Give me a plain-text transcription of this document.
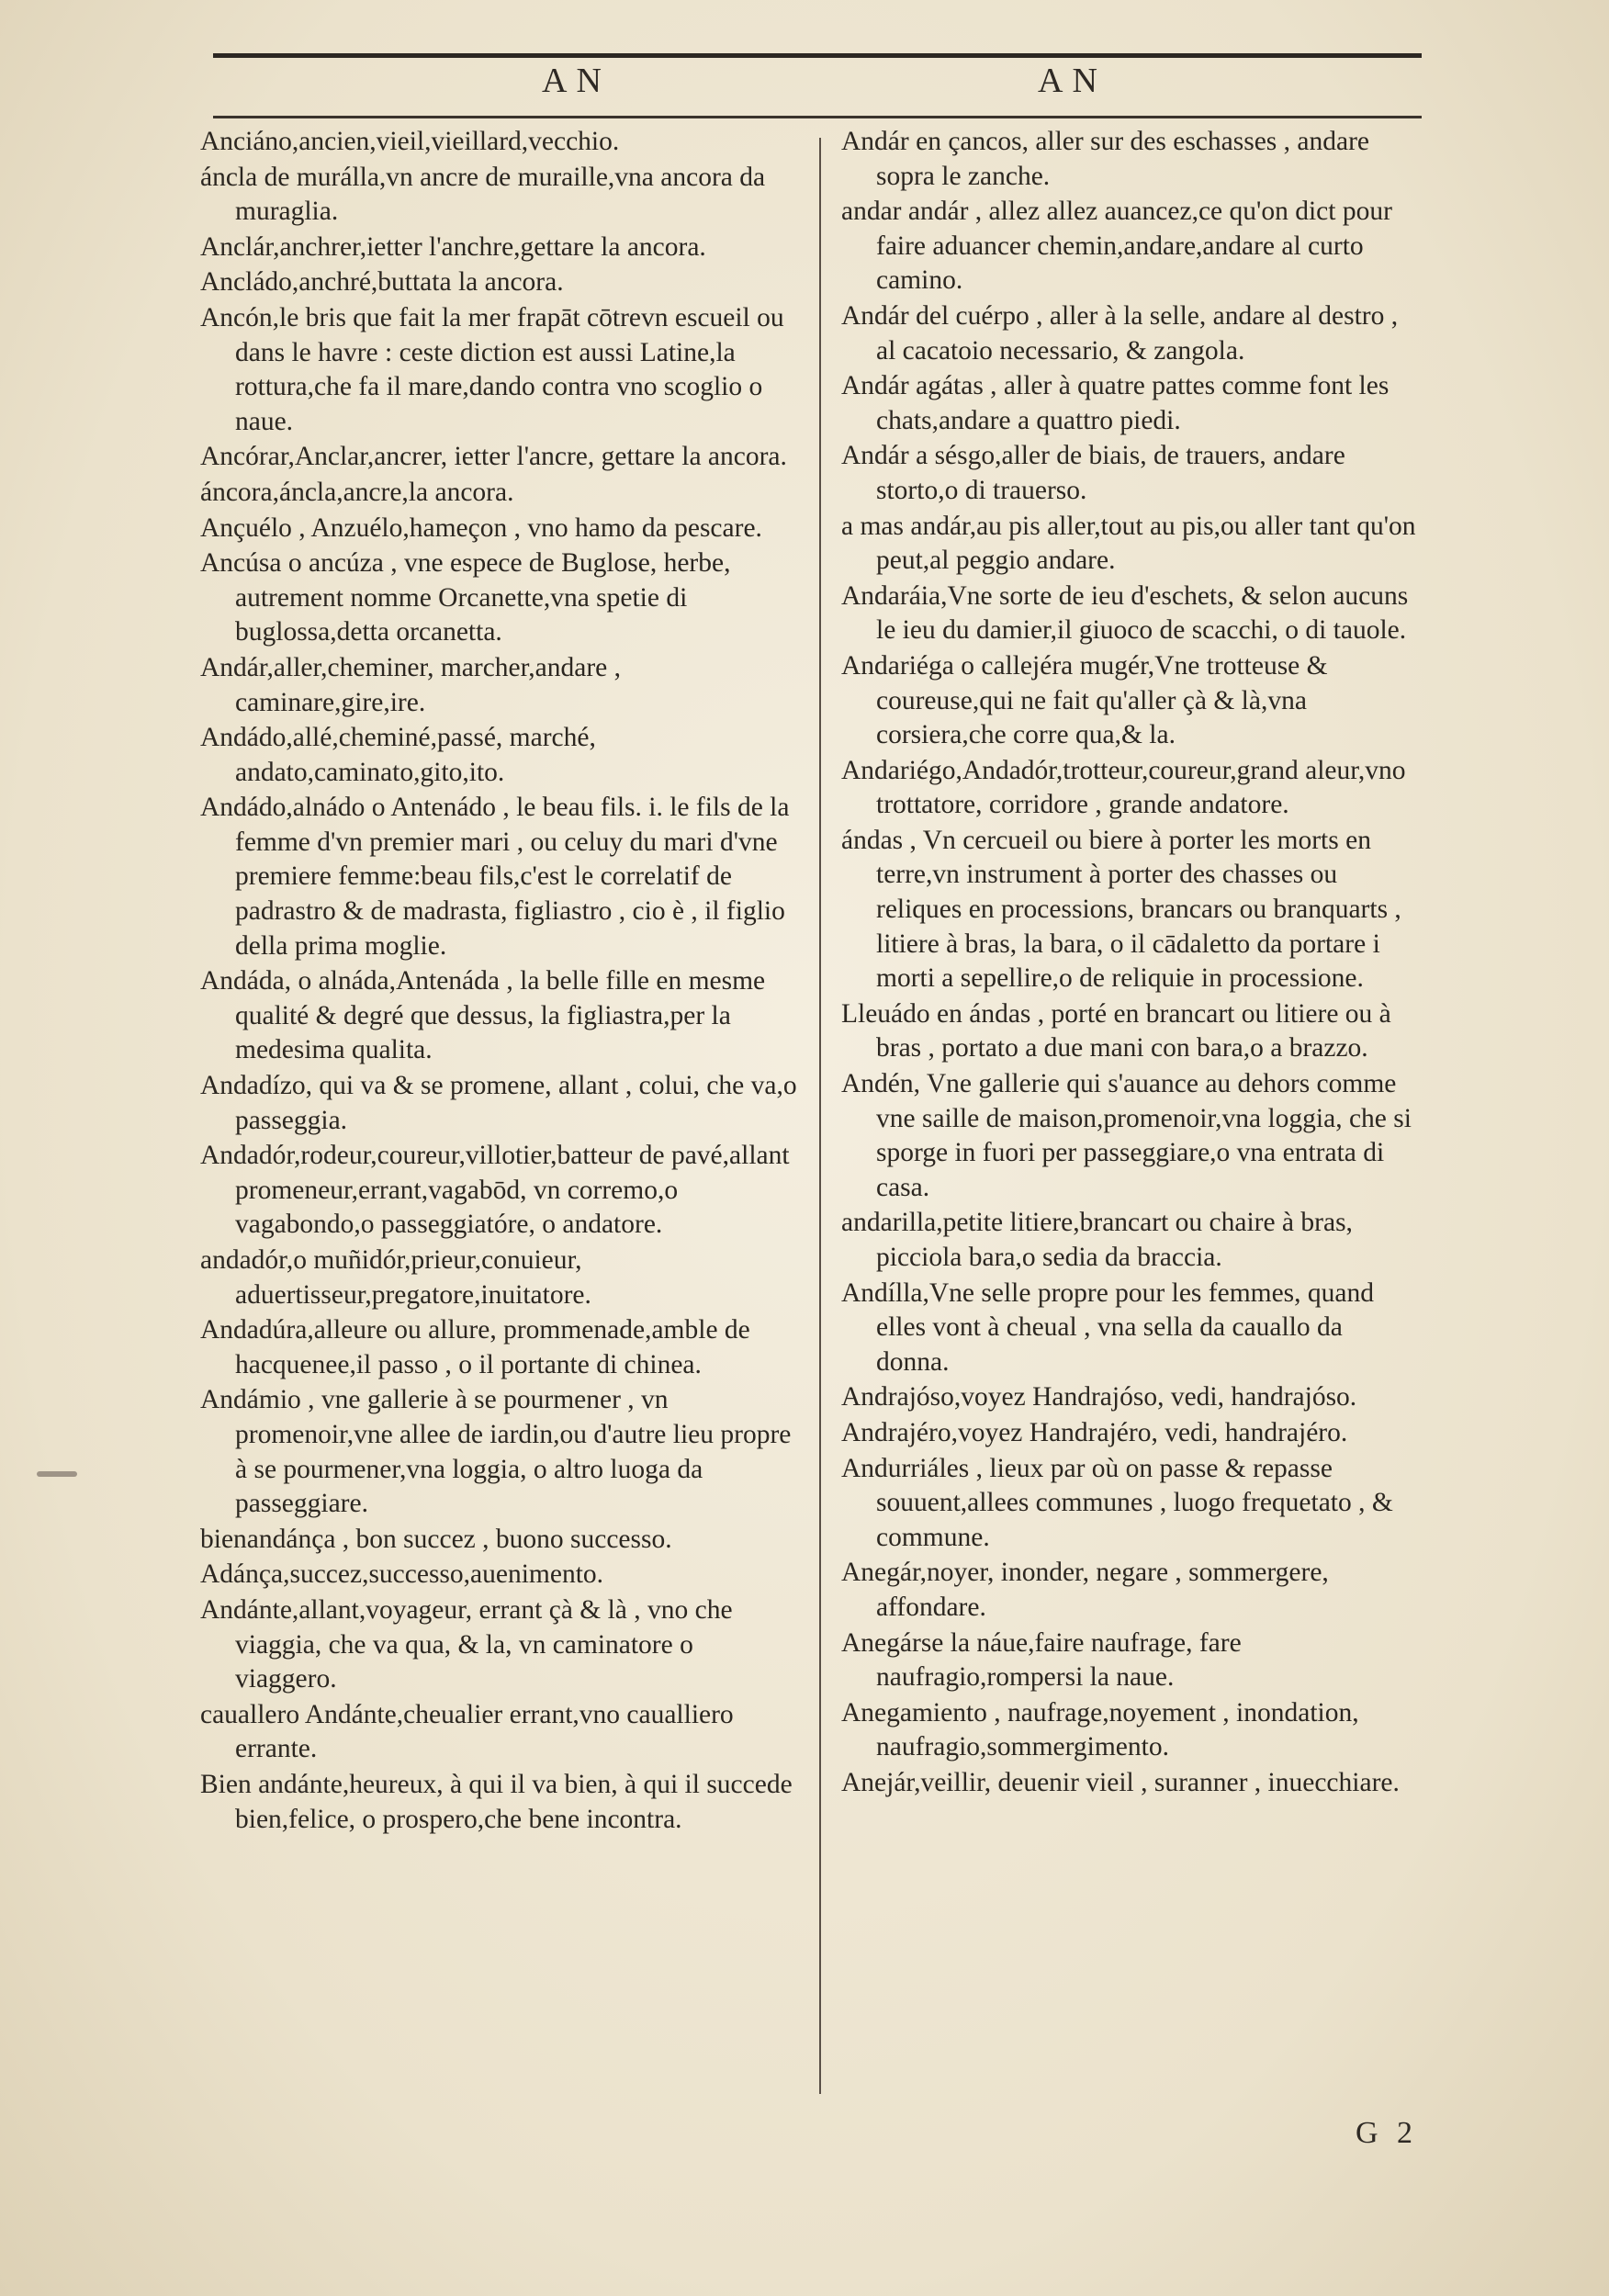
AN	AN

Anciáno,ancien,vieil,vieillard,vecchio.

áncla de murálla,vn ancre de muraille,vna ancora da muraglia.

Anclár,anchrer,ietter l'anchre,gettare la ancora.

Ancládo,anchré,buttata la ancora.

Ancón,le bris que fait la mer frapāt cōtrevn escueil ou dans le havre : ceste diction est aussi Latine,la rottura,che fa il mare,dando contra vno scoglio o naue.

Ancórar,Anclar,ancrer, ietter l'ancre, gettare la ancora.

áncora,áncla,ancre,la ancora.

Ançuélo , Anzuélo,hameçon , vno hamo da pescare.

Ancúsa o ancúza , vne espece de Buglose, herbe, autrement nomme Orcanette,vna spetie di buglossa,detta orcanetta.

Andár,aller,cheminer, marcher,andare , caminare,gire,ire.

Andádo,allé,cheminé,passé, marché, andato,caminato,gito,ito.

Andádo,alnádo o Antenádo , le beau fils. i. le fils de la femme d'vn premier mari , ou celuy du mari d'vne premiere femme:beau fils,c'est le correlatif de padrastro & de madrasta, figliastro , cio è , il figlio della prima moglie.

Andáda, o alnáda,Antenáda , la belle fille en mesme qualité & degré que dessus, la figliastra,per la medesima qualita.

Andadízo, qui va & se promene, allant , colui, che va,o passeggia.

Andadór,rodeur,coureur,villotier,batteur de pavé,allant promeneur,errant,vagabōd, vn corremo,o vagabondo,o passeggiatóre, o andatore.

andadór,o muñidór,prieur,conuieur, aduertisseur,pregatore,inuitatore.

Andadúra,alleure ou allure, prommenade,amble de hacquenee,il passo , o il portante di chinea.

Andámio , vne gallerie à se pourmener , vn promenoir,vne allee de iardin,ou d'autre lieu propre à se pourmener,vna loggia, o altro luoga da passeggiare.

bienandánça , bon succez , buono successo.

Adánça,succez,successo,auenimento.

Andánte,allant,voyageur, errant çà & là , vno che viaggia, che va qua, & la, vn caminatore o viaggero.

cauallero Andánte,cheualier errant,vno caualliero errante.

Bien andánte,heureux, à qui il va bien, à qui il succede bien,felice, o prospero,che bene incontra.

Andár en çancos, aller sur des eschasses , andare sopra le zanche.

andar andár , allez allez auancez,ce qu'on dict pour faire aduancer chemin,andare,andare al curto camino.

Andár del cuérpo , aller à la selle, andare al destro , al cacatoio necessario, & zangola.

Andár agátas , aller à quatre pattes comme font les chats,andare a quattro piedi.

Andár a sésgo,aller de biais, de trauers, andare storto,o di trauerso.

a mas andár,au pis aller,tout au pis,ou aller tant qu'on peut,al peggio andare.

Andaráia,Vne sorte de ieu d'eschets, & selon aucuns le ieu du damier,il giuoco de scacchi, o di tauole.

Andariéga o callejéra mugér,Vne trotteuse & coureuse,qui ne fait qu'aller çà & là,vna corsiera,che corre qua,& la.

Andariégo,Andadór,trotteur,coureur,grand aleur,vno trottatore, corridore , grande andatore.

ándas , Vn cercueil ou biere à porter les morts en terre,vn instrument à porter des chasses ou reliques en processions, brancars ou branquarts , litiere à bras, la bara, o il cādaletto da portare i morti a sepellire,o de reliquie in processione.

Lleuádo en ándas , porté en brancart ou litiere ou à bras , portato a due mani con bara,o a brazzo.

Andén, Vne gallerie qui s'auance au dehors comme vne saille de maison,promenoir,vna loggia, che si sporge in fuori per passeggiare,o vna entrata di casa.

andarilla,petite litiere,brancart ou chaire à bras, picciola bara,o sedia da braccia.

Andílla,Vne selle propre pour les femmes, quand elles vont à cheual , vna sella da cauallo da donna.

Andrajóso,voyez Handrajóso, vedi, handrajóso.

Andrajéro,voyez Handrajéro, vedi, handrajéro.

Andurriáles , lieux par où on passe & repasse souuent,allees communes , luogo frequetato , & commune.

Anegár,noyer, inonder, negare , sommergere, affondare.

Anegárse la náue,faire naufrage, fare naufragio,rompersi la naue.

Anegamiento , naufrage,noyement , inondation, naufragio,sommergimento.

Anejár,veillir, deuenir vieil , suranner , inuecchiare.

G 2
